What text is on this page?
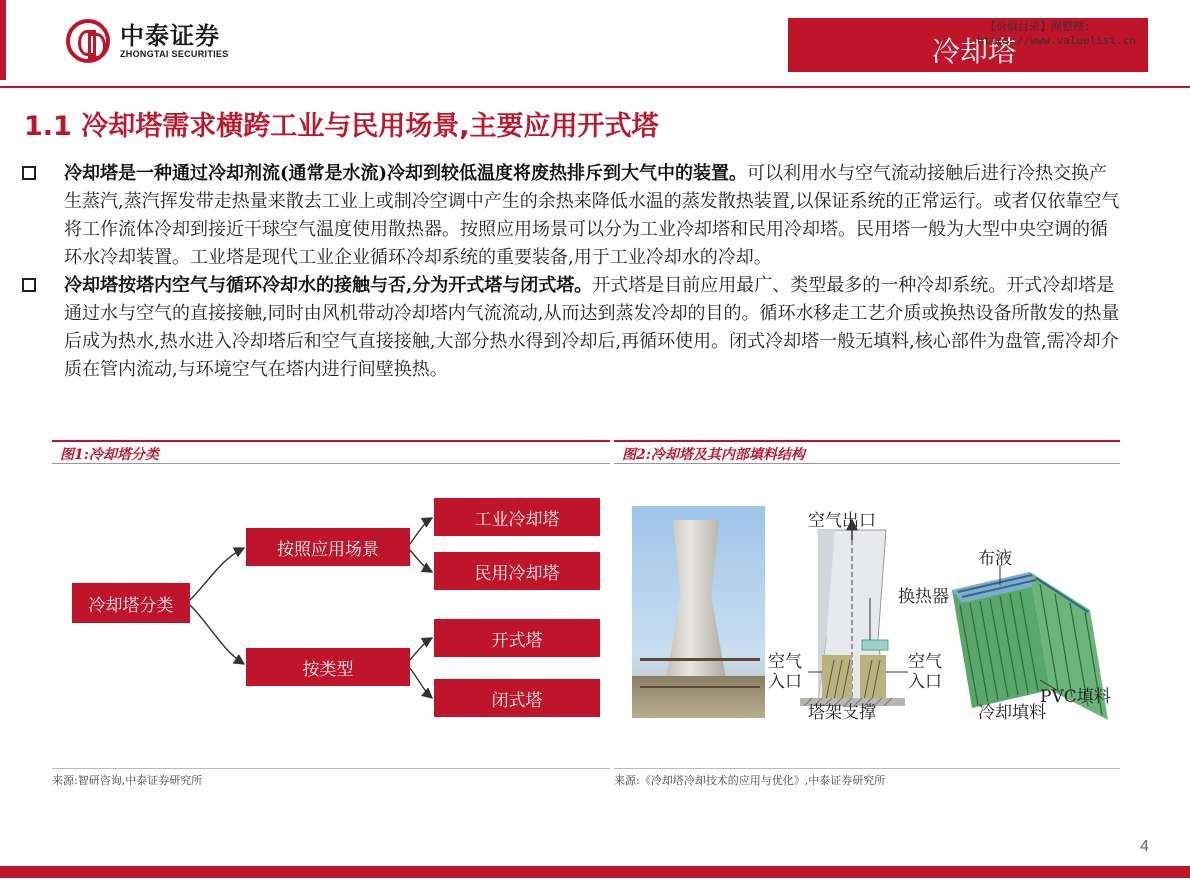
中泰证券
ZHONGTAI SECURITIES	冷却塔
【价值目录】网整理:
https://www.valuelist.cn
1.1 冷却塔需求横跨工业与民用场景,主要应用开式塔
冷却塔是一种通过冷却剂流(通常是水流)冷却到较低温度将废热排斥到大气中的装置。可以利用水与空气流动接触后进行冷热交换产生蒸汽,蒸汽挥发带走热量来散去工业上或制冷空调中产生的余热来降低水温的蒸发散热装置,以保证系统的正常运行。或者仅依靠空气将工作流体冷却到接近干球空气温度使用散热器。按照应用场景可以分为工业冷却塔和民用冷却塔。民用塔一般为大型中央空调的循环水冷却装置。工业塔是现代工业企业循环冷却系统的重要装备,用于工业冷却水的冷却。
冷却塔按塔内空气与循环冷却水的接触与否,分为开式塔与闭式塔。开式塔是目前应用最广、类型最多的一种冷却系统。开式冷却塔是通过水与空气的直接接触,同时由风机带动冷却塔内气流流动,从而达到蒸发冷却的目的。循环水移走工艺介质或换热设备所散发的热量后成为热水,热水进入冷却塔后和空气直接接触,大部分热水得到冷却后,再循环使用。闭式冷却塔一般无填料,核心部件为盘管,需冷却介质在管内流动,与环境空气在塔内进行间壁换热。
图1:冷却塔分类
冷却塔分类
按照应用场景
按类型
工业冷却塔
民用冷却塔
开式塔
闭式塔
来源:智研咨询,中泰证券研究所
图2:冷却塔及其内部填料结构
空气出口
换热器
空气入口
空气入口
塔架支撑
布液
PVC填料
冷却填料
来源:《冷却塔冷却技术的应用与优化》,中泰证券研究所
4
